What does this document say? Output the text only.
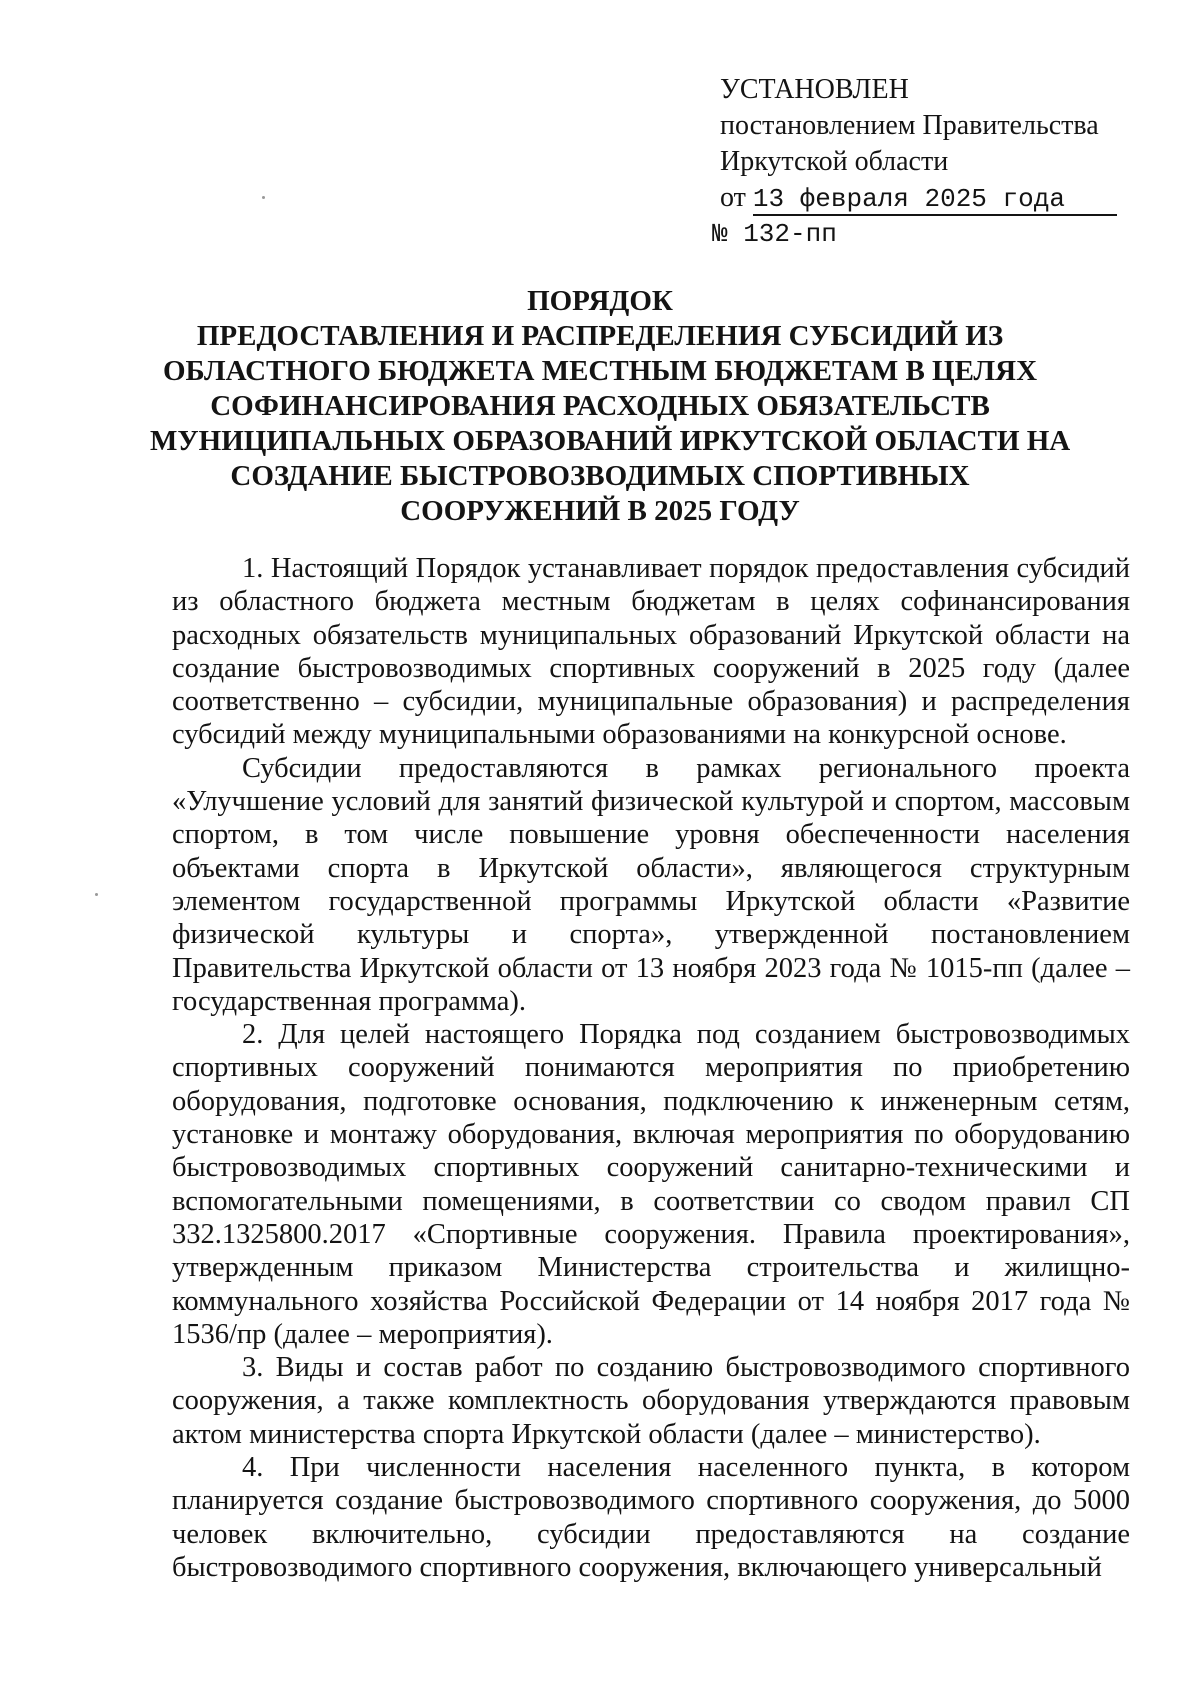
УСТАНОВЛЕН
постановлением Правительства
Иркутской области
от 13 февраля 2025 года
№ 132-пп
ПОРЯДОК
ПРЕДОСТАВЛЕНИЯ И РАСПРЕДЕЛЕНИЯ СУБСИДИЙ ИЗ
ОБЛАСТНОГО БЮДЖЕТА МЕСТНЫМ БЮДЖЕТАМ В ЦЕЛЯХ
СОФИНАНСИРОВАНИЯ РАСХОДНЫХ ОБЯЗАТЕЛЬСТВ
МУНИЦИПАЛЬНЫХ ОБРАЗОВАНИЙ ИРКУТСКОЙ ОБЛАСТИ НА
СОЗДАНИЕ БЫСТРОВОЗВОДИМЫХ СПОРТИВНЫХ
СООРУЖЕНИЙ В 2025 ГОДУ

1. Настоящий Порядок устанавливает порядок предоставления субсидий из областного бюджета местным бюджетам в целях софинансирования расходных обязательств муниципальных образований Иркутской области на создание быстровозводимых спортивных сооружений в 2025 году (далее соответственно – субсидии, муниципальные образования) и распределения субсидий между муниципальными образованиями на конкурсной основе.

Субсидии предоставляются в рамках регионального проекта «Улучшение условий для занятий физической культурой и спортом, массовым спортом, в том числе повышение уровня обеспеченности населения объектами спорта в Иркутской области», являющегося структурным элементом государственной программы Иркутской области «Развитие физической культуры и спорта», утвержденной постановлением Правительства Иркутской области от 13 ноября 2023 года № 1015-пп (далее – государственная программа).

2. Для целей настоящего Порядка под созданием быстровозводимых спортивных сооружений понимаются мероприятия по приобретению оборудования, подготовке основания, подключению к инженерным сетям, установке и монтажу оборудования, включая мероприятия по оборудованию быстровозводимых спортивных сооружений санитарно-техническими и вспомогательными помещениями, в соответствии со сводом правил СП 332.1325800.2017 «Спортивные сооружения. Правила проектирования», утвержденным приказом Министерства строительства и жилищно-коммунального хозяйства Российской Федерации от 14 ноября 2017 года № 1536/пр (далее – мероприятия).

3. Виды и состав работ по созданию быстровозводимого спортивного сооружения, а также комплектность оборудования утверждаются правовым актом министерства спорта Иркутской области (далее – министерство).

4. При численности населения населенного пункта, в котором планируется создание быстровозводимого спортивного сооружения, до 5000 человек включительно, субсидии предоставляются на создание быстровозводимого спортивного сооружения, включающего универсальный
